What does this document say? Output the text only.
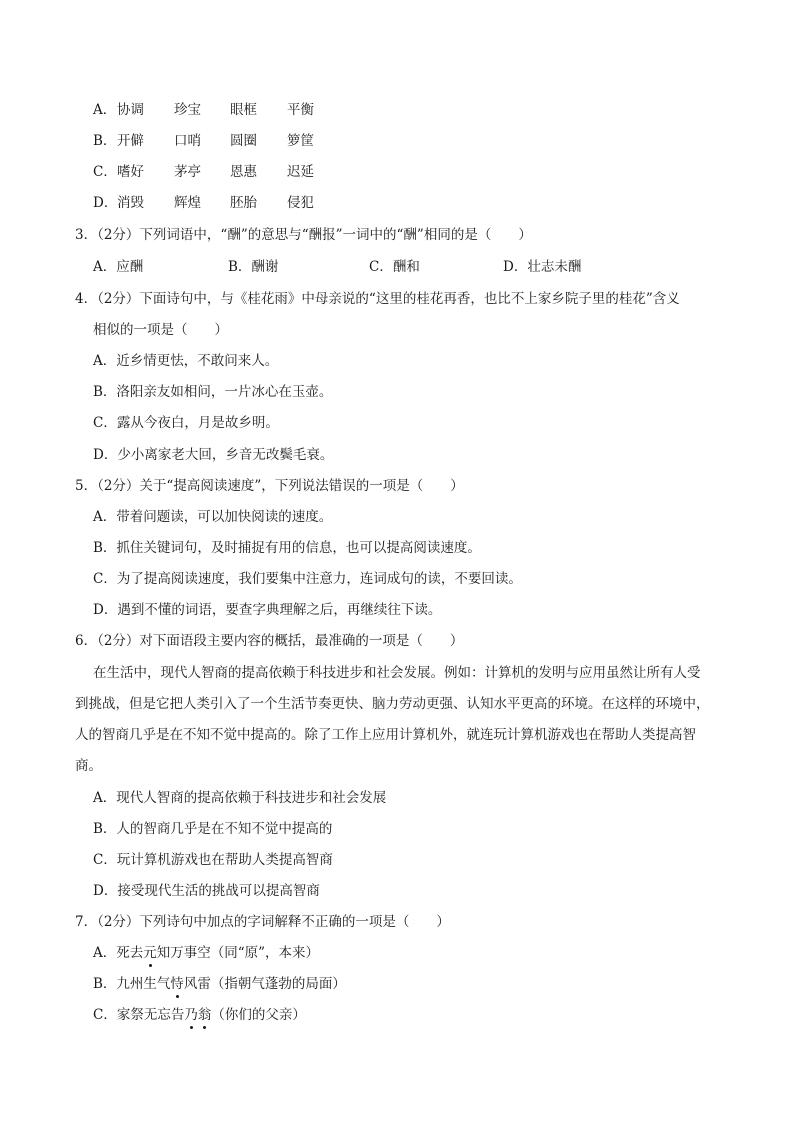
A． 协调 珍宝 眼框 平衡
B． 开僻 口哨 圆圈 箩筐
C． 嗜好 茅亭 恩惠 迟延
D． 消毁 辉煌 胚胎 侵犯
3．（2分）下列词语中，“酬”的意思与“酬报”一词中的“酬”相同的是（　　）
A．应酬	B．酬谢	C．酬和	D．壮志未酬
4．（2分）下面诗句中，与《桂花雨》中母亲说的“这里的桂花再香，也比不上家乡院子里的桂花”含义
相似的一项是（　　）
A．近乡情更怯，不敢问来人。
B．洛阳亲友如相问，一片冰心在玉壶。
C．露从今夜白，月是故乡明。
D．少小离家老大回，乡音无改鬓毛衰。
5．（2分）关于“提高阅读速度”，下列说法错误的一项是（　　）
A．带着问题读，可以加快阅读的速度。
B．抓住关键词句，及时捕捉有用的信息，也可以提高阅读速度。
C．为了提高阅读速度，我们要集中注意力，连词成句的读，不要回读。
D．遇到不懂的词语，要查字典理解之后，再继续往下读。
6．（2分）对下面语段主要内容的概括，最准确的一项是（　　）
在生活中，现代人智商的提高依赖于科技进步和社会发展。例如：计算机的发明与应用虽然让所有人受
到挑战，但是它把人类引入了一个生活节奏更快、脑力劳动更强、认知水平更高的环境。在这样的环境中，
人的智商几乎是在不知不觉中提高的。除了工作上应用计算机外，就连玩计算机游戏也在帮助人类提高智
商。
A．现代人智商的提高依赖于科技进步和社会发展
B．人的智商几乎是在不知不觉中提高的
C．玩计算机游戏也在帮助人类提高智商
D．接受现代生活的挑战可以提高智商
7．（2分）下列诗句中加点的字词解释不正确的一项是（　　）
A．死去元知万事空（同“原”，本来）
B．九州生气恃风雷（指朝气蓬勃的局面）
C．家祭无忘告乃翁（你们的父亲）
